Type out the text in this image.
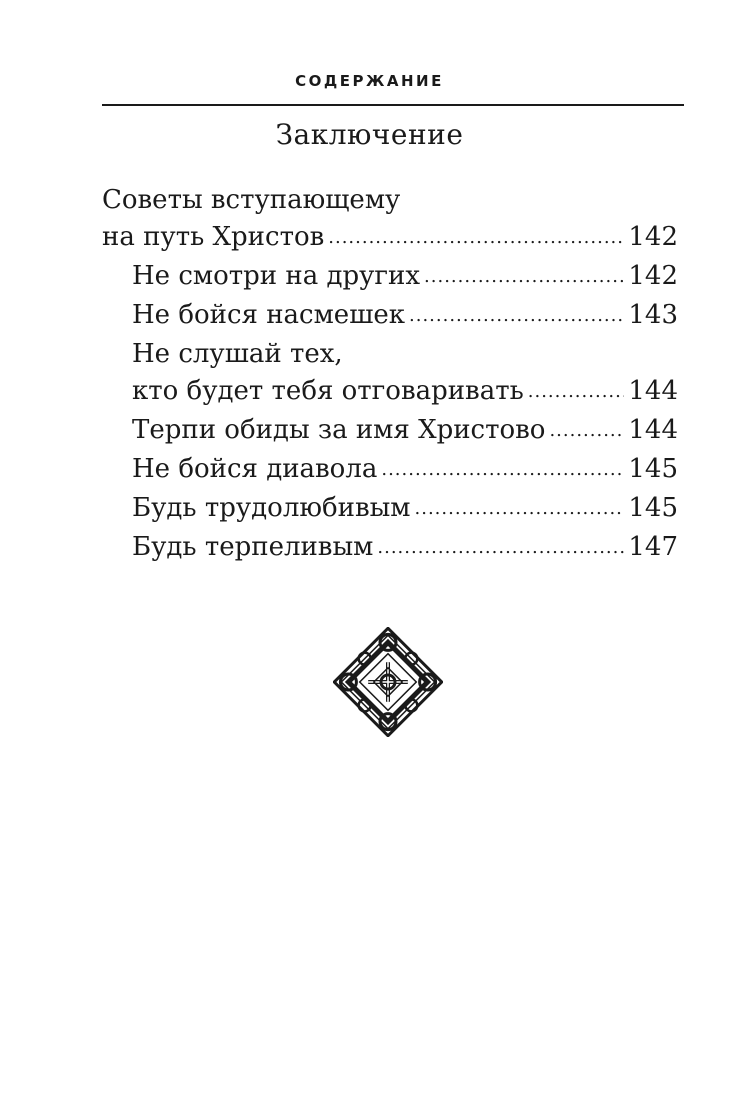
СОДЕРЖАНИЕ
Заключение
Советы вступающему
на путь Христов .....	142
Не смотри на других .....	142
Не бойся насмешек .....	143
Не слушай тех,
кто будет тебя отговаривать .....	144
Терпи обиды за имя Христово .....	144
Не бойся диавола .....	145
Будь трудолюбивым .....	145
Будь терпеливым .....	147
